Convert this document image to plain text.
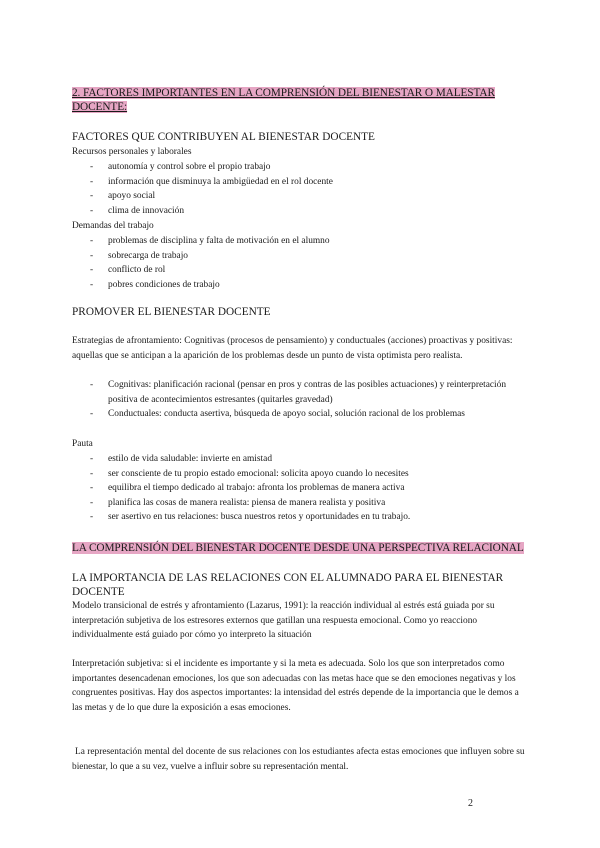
2. FACTORES IMPORTANTES EN LA COMPRENSIÓN DEL BIENESTAR O MALESTAR DOCENTE:
FACTORES QUE CONTRIBUYEN AL BIENESTAR DOCENTE
Recursos personales y laborales
- autonomía y control sobre el propio trabajo
- información que disminuya la ambigüedad en el rol docente
- apoyo social
- clima de innovación
Demandas del trabajo
- problemas de disciplina y falta de motivación en el alumno
- sobrecarga de trabajo
- conflicto de rol
- pobres condiciones de trabajo
PROMOVER EL BIENESTAR DOCENTE
Estrategias de afrontamiento: Cognitivas (procesos de pensamiento) y conductuales (acciones) proactivas y positivas: aquellas que se anticipan a la aparición de los problemas desde un punto de vista optimista pero realista.
- Cognitivas: planificación racional (pensar en pros y contras de las posibles actuaciones) y reinterpretación positiva de acontecimientos estresantes (quitarles gravedad)
- Conductuales: conducta asertiva, búsqueda de apoyo social, solución racional de los problemas
Pauta
- estilo de vida saludable: invierte en amistad
- ser consciente de tu propio estado emocional: solicita apoyo cuando lo necesites
- equilibra el tiempo dedicado al trabajo: afronta los problemas de manera activa
- planifica las cosas de manera realista: piensa de manera realista y positiva
- ser asertivo en tus relaciones: busca nuestros retos y oportunidades en tu trabajo.
LA COMPRENSIÓN DEL BIENESTAR DOCENTE DESDE UNA PERSPECTIVA RELACIONAL
LA IMPORTANCIA DE LAS RELACIONES CON EL ALUMNADO PARA EL BIENESTAR DOCENTE
Modelo transicional de estrés y afrontamiento (Lazarus, 1991): la reacción individual al estrés está guiada por su interpretación subjetiva de los estresores externos que gatillan una respuesta emocional. Como yo reacciono individualmente está guiado por cómo yo interpreto la situación
Interpretación subjetiva: si el incidente es importante y si la meta es adecuada. Solo los que son interpretados como importantes desencadenan emociones, los que son adecuadas con las metas hace que se den emociones negativas y los congruentes positivas. Hay dos aspectos importantes: la intensidad del estrés depende de la importancia que le demos a las metas y de lo que dure la exposición a esas emociones.
La representación mental del docente de sus relaciones con los estudiantes afecta estas emociones que influyen sobre su bienestar, lo que a su vez, vuelve a influir sobre su representación mental.
2
